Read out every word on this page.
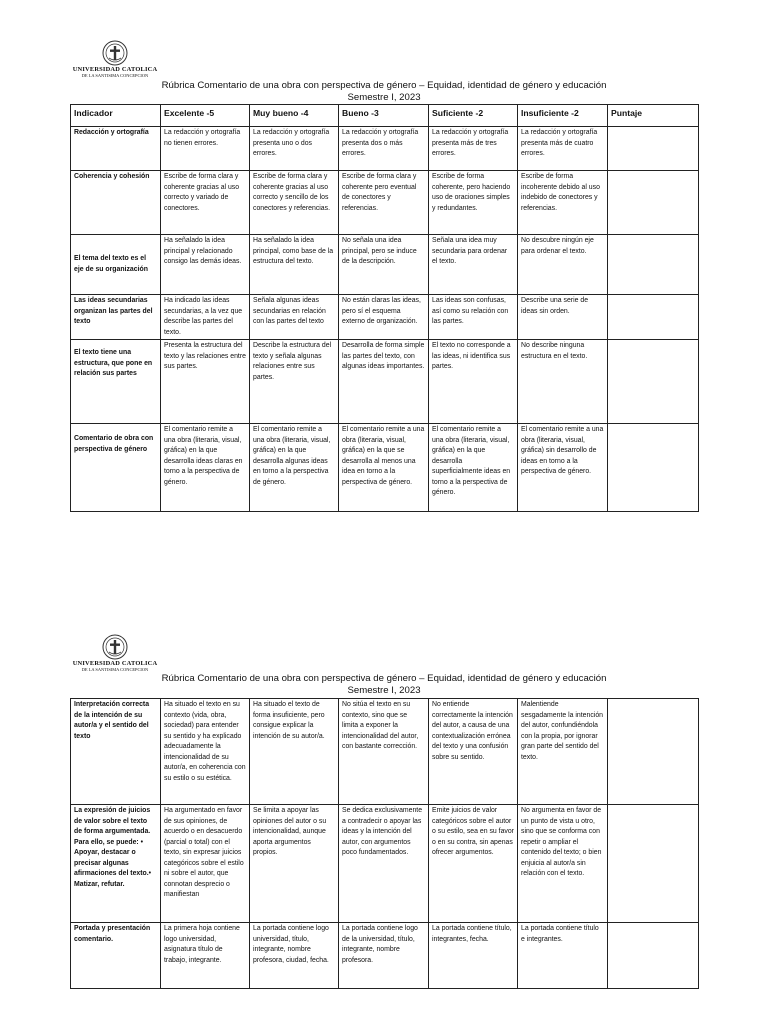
UNIVERSIDAD CATOLICA
DE LA SANTISIMA CONCEPCION
Rúbrica Comentario de una obra con perspectiva de género – Equidad, identidad de género y educación
Semestre I, 2023
Indicador	Excelente -5	Muy bueno -4	Bueno -3	Suficiente -2	Insuficiente -2	Puntaje
Redacción y ortografía	La redacción y ortografía no tienen errores.	La redacción y ortografía presenta uno o dos errores.	La redacción y ortografía presenta dos o más errores.	La redacción y ortografía presenta más de tres errores.	La redacción y ortografía presenta más de cuatro errores.	
Coherencia y cohesión	Escribe de forma clara y coherente gracias al uso correcto y variado de conectores.	Escribe de forma clara y coherente gracias al uso correcto y sencillo de los conectores y referencias.	Escribe de forma clara y coherente pero eventual de conectores y referencias.	Escribe de forma coherente, pero haciendo uso de oraciones simples y redundantes.	Escribe de forma incoherente debido al uso indebido de conectores y referencias.	
El tema del texto es el eje de su organización	Ha señalado la idea principal y relacionado consigo las demás ideas.	Ha señalado la idea principal, como base de la estructura del texto.	No señala una idea principal, pero se induce de la descripción.	Señala una idea muy secundaria para ordenar el texto.	No descubre ningún eje para ordenar el texto.	
Las ideas secundarias organizan las partes del texto	Ha indicado las ideas secundarias, a la vez que describe las partes del texto.	Señala algunas ideas secundarias en relación con las partes del texto	No están claras las ideas, pero sí el esquema externo de organización.	Las ideas son confusas, así como su relación con las partes.	Describe una serie de ideas sin orden.	
El texto tiene una estructura, que pone en relación sus partes	Presenta la estructura del texto y las relaciones entre sus partes.	Describe la estructura del texto y señala algunas relaciones entre sus partes.	Desarrolla de forma simple las partes del texto, con algunas ideas importantes.	El texto no corresponde a las ideas, ni identifica sus partes.	No describe ninguna estructura en el texto.	
Comentario de obra con perspectiva de género	El comentario remite a una obra (literaria, visual, gráfica) en la que desarrolla ideas claras en torno a la perspectiva de género.	El comentario remite a una obra (literaria, visual, gráfica) en la que desarrolla algunas ideas en torno a la perspectiva de género.	El comentario remite a una obra (literaria, visual, gráfica) en la que se desarrolla al menos una idea en torno a la perspectiva de género.	El comentario remite a una obra (literaria, visual, gráfica) en la que desarrolla superficialmente ideas en torno a la perspectiva de género.	El comentario remite a una obra (literaria, visual, gráfica) sin desarrollo de ideas en torno a la perspectiva de género.	
UNIVERSIDAD CATOLICA
DE LA SANTISIMA CONCEPCION
Rúbrica Comentario de una obra con perspectiva de género – Equidad, identidad de género y educación
Semestre I, 2023
Interpretación correcta de la intención de su autor/a y el sentido del texto	Ha situado el texto en su contexto (vida, obra, sociedad) para entender su sentido y ha explicado adecuadamente la intencionalidad de su autor/a, en coherencia con su estilo o su estética.	Ha situado el texto de forma insuficiente, pero consigue explicar la intención de su autor/a.	No sitúa el texto en su contexto, sino que se limita a exponer la intencionalidad del autor, con bastante corrección.	No entiende correctamente la intención del autor, a causa de una contextualización errónea del texto y una confusión sobre su sentido.	Malentiende sesgadamente la intención del autor, confundiéndola con la propia, por ignorar gran parte del sentido del texto.	
La expresión de juicios de valor sobre el texto de forma argumentada. Para ello, se puede: • Apoyar, destacar o precisar algunas afirmaciones del texto.• Matizar, refutar.	Ha argumentado en favor de sus opiniones, de acuerdo o en desacuerdo (parcial o total) con el texto, sin expresar juicios categóricos sobre el estilo ni sobre el autor, que connotan desprecio o manifiestan	Se limita a apoyar las opiniones del autor o su intencionalidad, aunque aporta argumentos propios.	Se dedica exclusivamente a contradecir o apoyar las ideas y la intención del autor, con argumentos poco fundamentados.	Emite juicios de valor categóricos sobre el autor o su estilo, sea en su favor o en su contra, sin apenas ofrecer argumentos.	No argumenta en favor de un punto de vista u otro, sino que se conforma con repetir o ampliar el contenido del texto; o bien enjuicia al autor/a sin relación con el texto.	
Portada y presentación comentario.	La primera hoja contiene logo universidad, asignatura título de trabajo, integrante.	La portada contiene logo universidad, título, integrante, nombre profesora, ciudad, fecha.	La portada contiene logo de la universidad, título, integrante, nombre profesora.	La portada contiene título, integrantes, fecha.	La portada contiene título e integrantes.	
